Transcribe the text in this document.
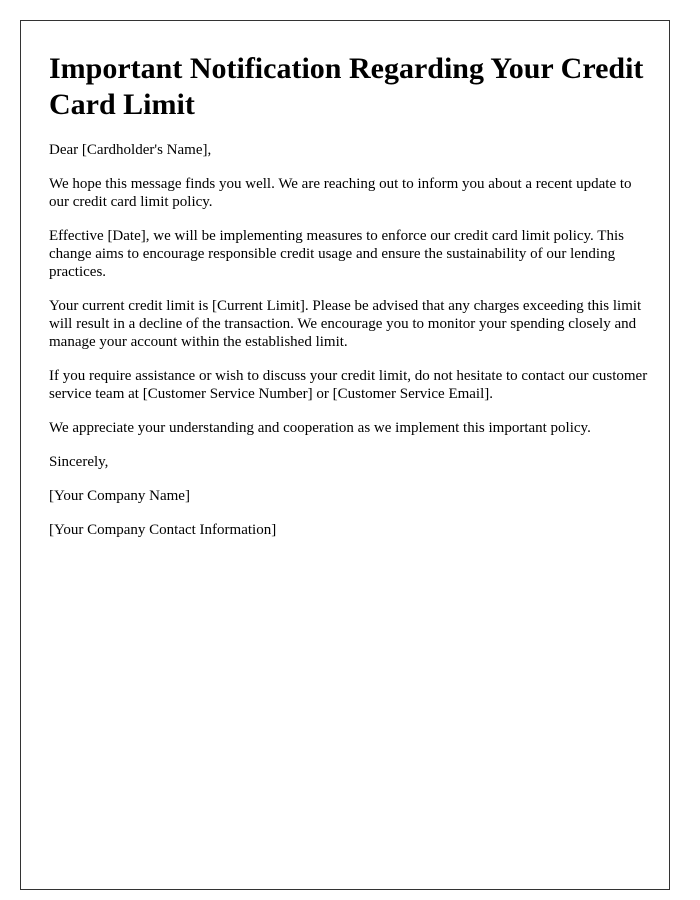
Important Notification Regarding Your Credit Card Limit

Dear [Cardholder's Name],

We hope this message finds you well. We are reaching out to inform you about a recent update to our credit card limit policy.

Effective [Date], we will be implementing measures to enforce our credit card limit policy. This change aims to encourage responsible credit usage and ensure the sustainability of our lending practices.

Your current credit limit is [Current Limit]. Please be advised that any charges exceeding this limit will result in a decline of the transaction. We encourage you to monitor your spending closely and manage your account within the established limit.

If you require assistance or wish to discuss your credit limit, do not hesitate to contact our customer service team at [Customer Service Number] or [Customer Service Email].

We appreciate your understanding and cooperation as we implement this important policy.

Sincerely,

[Your Company Name]

[Your Company Contact Information]
